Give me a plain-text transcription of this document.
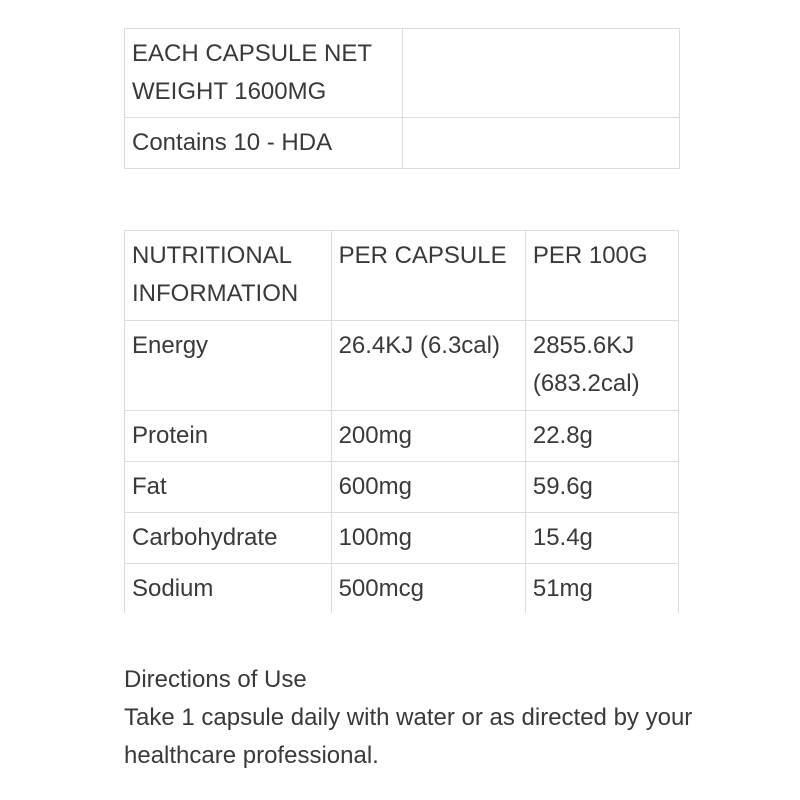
EACH CAPSULE NET WEIGHT 1600MG	
Contains 10 - HDA	
NUTRITIONAL INFORMATION	PER CAPSULE	PER 100G
Energy	26.4KJ (6.3cal)	2855.6KJ
(683.2cal)
Protein	200mg	22.8g
Fat	600mg	59.6g
Carbohydrate	100mg	15.4g
Sodium	500mcg	51mg

Directions of Use

Take 1 capsule daily with water or as directed by your healthcare professional.
